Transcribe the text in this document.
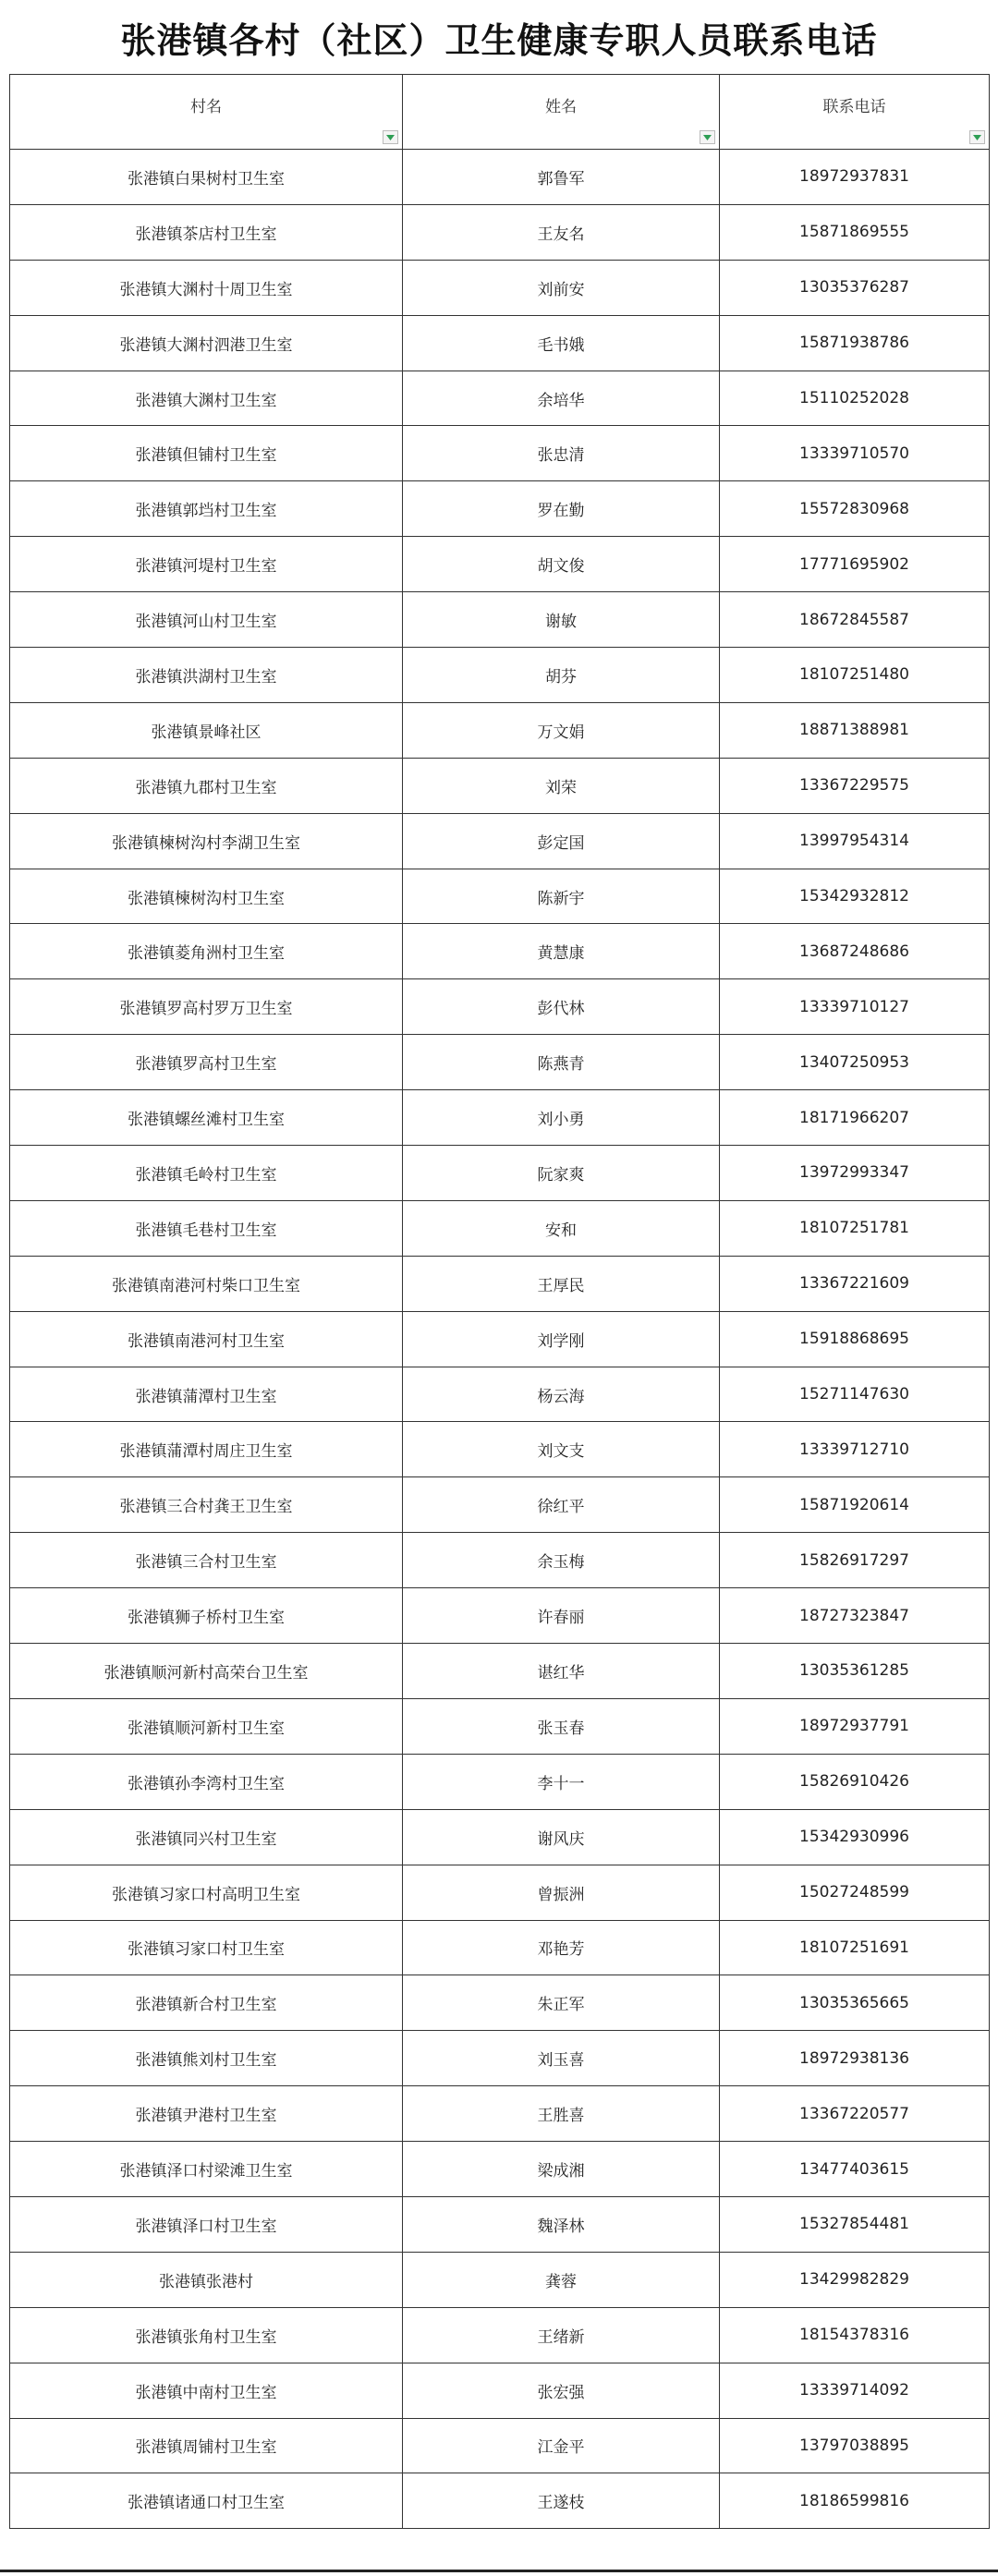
张港镇各村（社区）卫生健康专职人员联系电话
村名	姓名	联系电话

张港镇白果树村卫生室	郭鲁军	18972937831
张港镇茶店村卫生室	王友名	15871869555
张港镇大渊村十周卫生室	刘前安	13035376287
张港镇大渊村泗港卫生室	毛书娥	15871938786
张港镇大渊村卫生室	余培华	15110252028
张港镇但铺村卫生室	张忠清	13339710570
张港镇郭垱村卫生室	罗在勤	15572830968
张港镇河堤村卫生室	胡文俊	17771695902
张港镇河山村卫生室	谢敏	18672845587
张港镇洪湖村卫生室	胡芬	18107251480
张港镇景峰社区	万文娟	18871388981
张港镇九郡村卫生室	刘荣	13367229575
张港镇楝树沟村李湖卫生室	彭定国	13997954314
张港镇楝树沟村卫生室	陈新宇	15342932812
张港镇菱角洲村卫生室	黄慧康	13687248686
张港镇罗高村罗万卫生室	彭代林	13339710127
张港镇罗高村卫生室	陈燕青	13407250953
张港镇螺丝滩村卫生室	刘小勇	18171966207
张港镇毛岭村卫生室	阮家爽	13972993347
张港镇毛巷村卫生室	安和	18107251781
张港镇南港河村柴口卫生室	王厚民	13367221609
张港镇南港河村卫生室	刘学刚	15918868695
张港镇蒲潭村卫生室	杨云海	15271147630
张港镇蒲潭村周庄卫生室	刘文支	13339712710
张港镇三合村龚王卫生室	徐红平	15871920614
张港镇三合村卫生室	余玉梅	15826917297
张港镇狮子桥村卫生室	许春丽	18727323847
张港镇顺河新村高荣台卫生室	谌红华	13035361285
张港镇顺河新村卫生室	张玉春	18972937791
张港镇孙李湾村卫生室	李十一	15826910426
张港镇同兴村卫生室	谢风庆	15342930996
张港镇习家口村高明卫生室	曾振洲	15027248599
张港镇习家口村卫生室	邓艳芳	18107251691
张港镇新合村卫生室	朱正军	13035365665
张港镇熊刘村卫生室	刘玉喜	18972938136
张港镇尹港村卫生室	王胜喜	13367220577
张港镇泽口村梁滩卫生室	梁成湘	13477403615
张港镇泽口村卫生室	魏泽林	15327854481
张港镇张港村	龚蓉	13429982829
张港镇张角村卫生室	王绪新	18154378316
张港镇中南村卫生室	张宏强	13339714092
张港镇周铺村卫生室	江金平	13797038895
张港镇诸通口村卫生室	王遂枝	18186599816
